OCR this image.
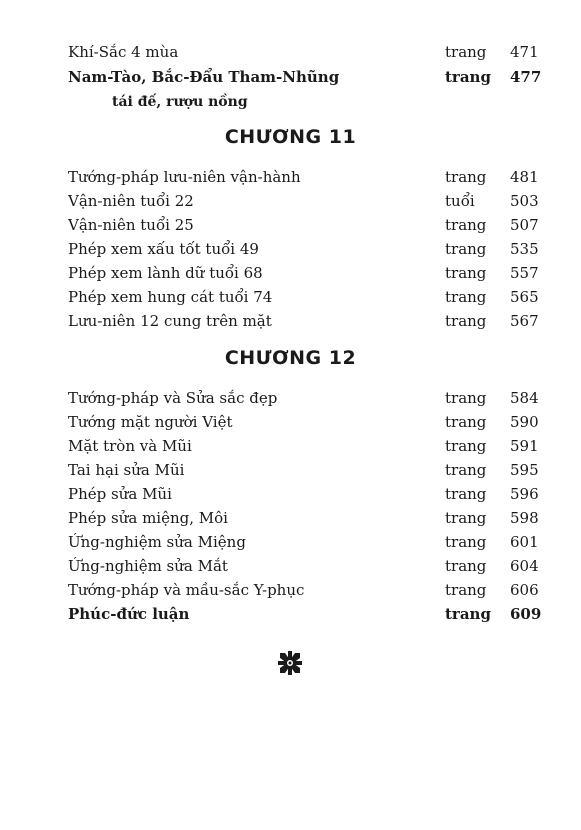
Khí-Sắc 4 mùa	trang 471
Nam-Tào, Bắc-Đẩu Tham-Nhũng	trang 477
tái đế, rượu nồng
CHƯƠNG 11
Tướng-pháp lưu-niên vận-hành	trang 481
Vận-niên tuổi 22	tuổi 503
Vận-niên tuổi 25	trang 507
Phép xem xấu tốt tuổi 49	trang 535
Phép xem lành dữ tuổi 68	trang 557
Phép xem hung cát tuổi 74	trang 565
Lưu-niên 12 cung trên mặt	trang 567
CHƯƠNG 12
Tướng-pháp và Sửa sắc đẹp	trang 584
Tướng mặt người Việt	trang 590
Mặt tròn và Mũi	trang 591
Tai hại sửa Mũi	trang 595
Phép sửa Mũi	trang 596
Phép sửa miệng, Môi	trang 598
Ứng-nghiệm sửa Miệng	trang 601
Ứng-nghiệm sửa Mắt	trang 604
Tướng-pháp và mầu-sắc Y-phục	trang 606
Phúc-đức luận	trang 609
